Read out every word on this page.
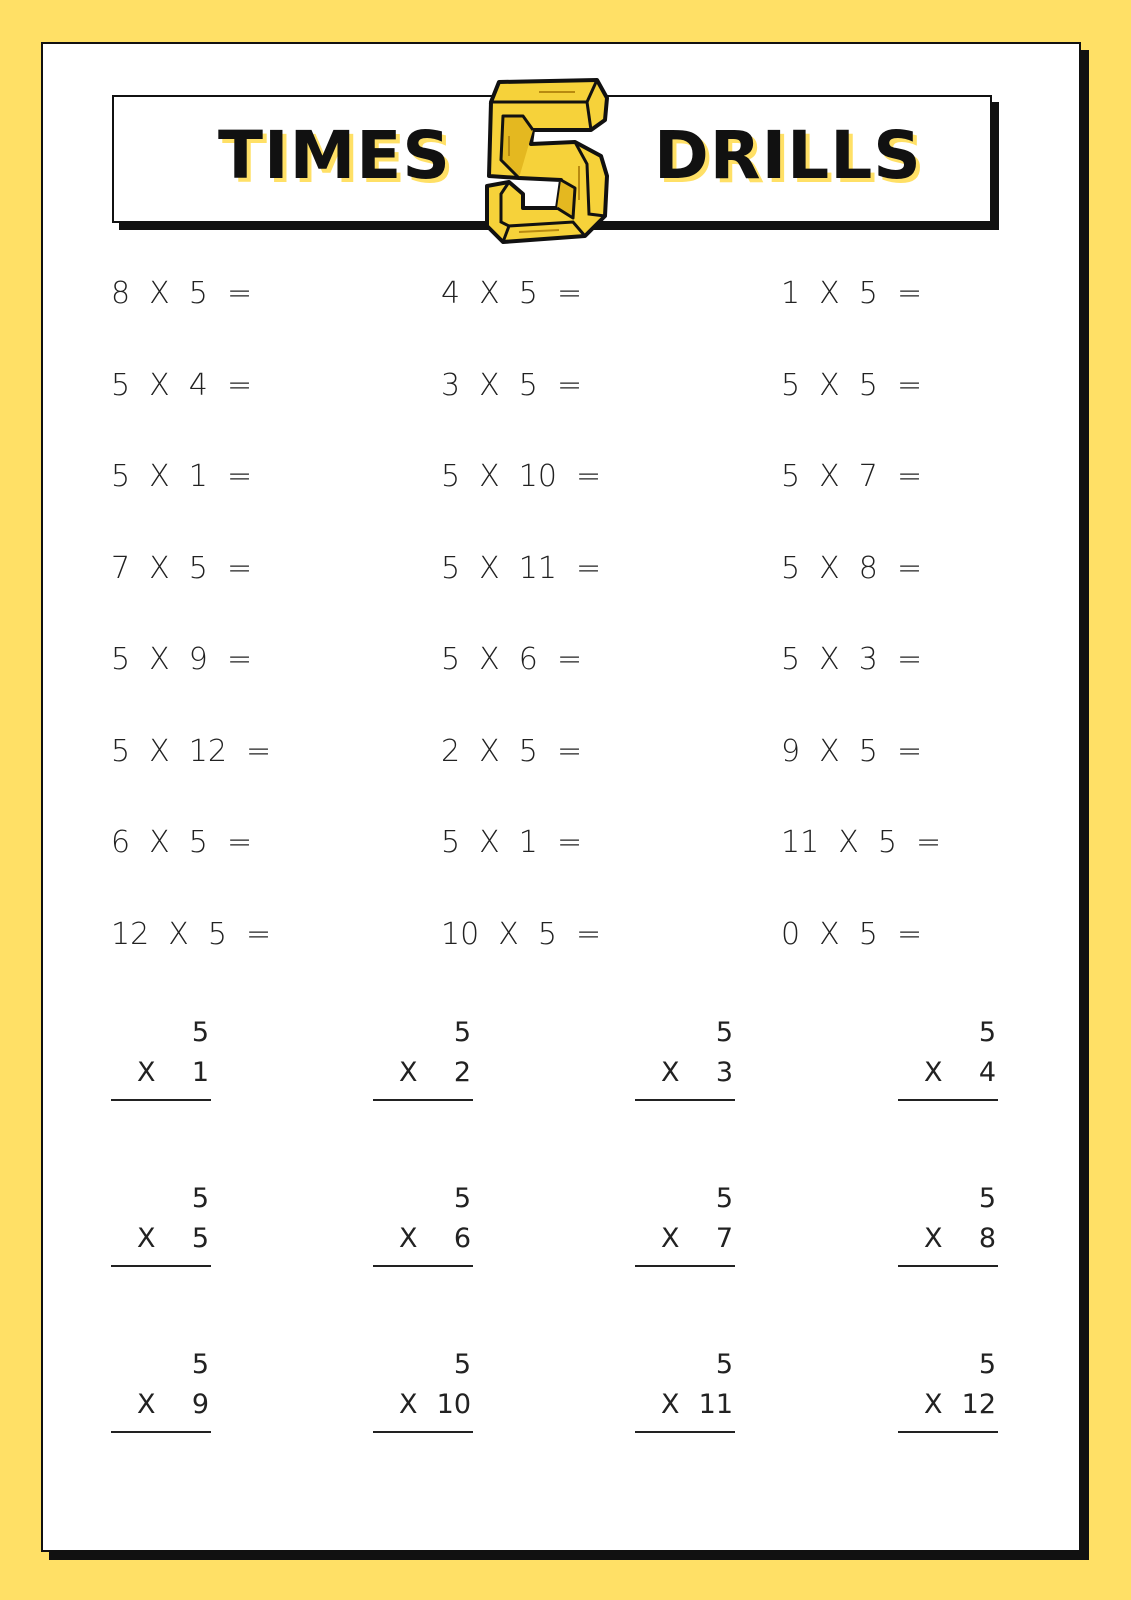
TIMES	DRILLS
8  X  5  =	4  X  5  =	1  X  5  =
5  X  4  =	3  X  5  =	5  X  5  =
5  X  1  =	5  X  10  =	5  X  7  =
7  X  5  =	5  X  11  =	5  X  8  =
5  X  9  =	5  X  6  =	5  X  3  =
5  X  12  =	2  X  5  =	9  X  5  =
6  X  5  =	5  X  1  =	11  X  5  =
12  X  5  =	10  X  5  =	0  X  5  =
5
X 1
5
X 2
5
X 3
5
X 4
5
X 5
5
X 6
5
X 7
5
X 8
5
X 9
5
X 10
5
X 11
5
X 12
